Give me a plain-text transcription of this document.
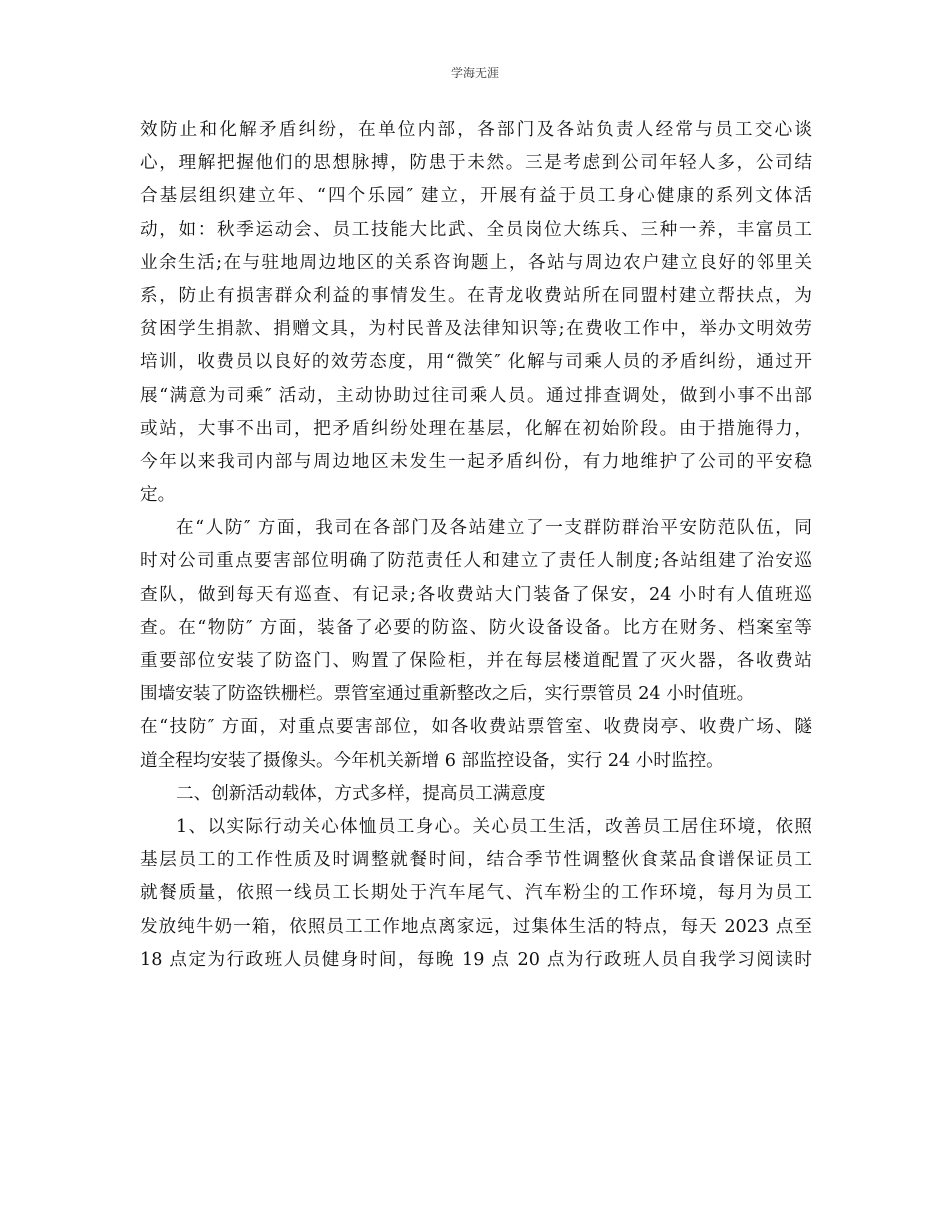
学海无涯
效防止和化解矛盾纠纷，在单位内部，各部门及各站负责人经常与员工交心谈
心，理解把握他们的思想脉搏，防患于未然。三是考虑到公司年轻人多，公司结
合基层组织建立年、“四个乐园″ 建立，开展有益于员工身心健康的系列文体活
动，如：秋季运动会、员工技能大比武、全员岗位大练兵、三种一养，丰富员工
业余生活;在与驻地周边地区的关系咨询题上，各站与周边农户建立良好的邻里关
系，防止有损害群众利益的事情发生。在青龙收费站所在同盟村建立帮扶点，为
贫困学生捐款、捐赠文具，为村民普及法律知识等;在费收工作中，举办文明效劳
培训，收费员以良好的效劳态度，用“微笑″ 化解与司乘人员的矛盾纠纷，通过开
展“满意为司乘″ 活动，主动协助过往司乘人员。通过排查调处，做到小事不出部
或站，大事不出司，把矛盾纠纷处理在基层，化解在初始阶段。由于措施得力，
今年以来我司内部与周边地区未发生一起矛盾纠份，有力地维护了公司的平安稳
定。
在“人防″ 方面，我司在各部门及各站建立了一支群防群治平安防范队伍，同
时对公司重点要害部位明确了防范责任人和建立了责任人制度;各站组建了治安巡
查队，做到每天有巡查、有记录;各收费站大门装备了保安，24 小时有人值班巡
查。在“物防″ 方面，装备了必要的防盗、防火设备设备。比方在财务、档案室等
重要部位安装了防盗门、购置了保险柜，并在每层楼道配置了灭火器，各收费站
围墙安装了防盗铁栅栏。票管室通过重新整改之后，实行票管员 24 小时值班。
在“技防″ 方面，对重点要害部位，如各收费站票管室、收费岗亭、收费广场、隧
道全程均安装了摄像头。今年机关新增 6 部监控设备，实行 24 小时监控。
二、创新活动载体，方式多样，提高员工满意度
1、以实际行动关心体恤员工身心。关心员工生活，改善员工居住环境，依照
基层员工的工作性质及时调整就餐时间，结合季节性调整伙食菜品食谱保证员工
就餐质量，依照一线员工长期处于汽车尾气、汽车粉尘的工作环境，每月为员工
发放纯牛奶一箱，依照员工工作地点离家远，过集体生活的特点，每天 2023 点至
18 点定为行政班人员健身时间，每晚 19 点 20 点为行政班人员自我学习阅读时
